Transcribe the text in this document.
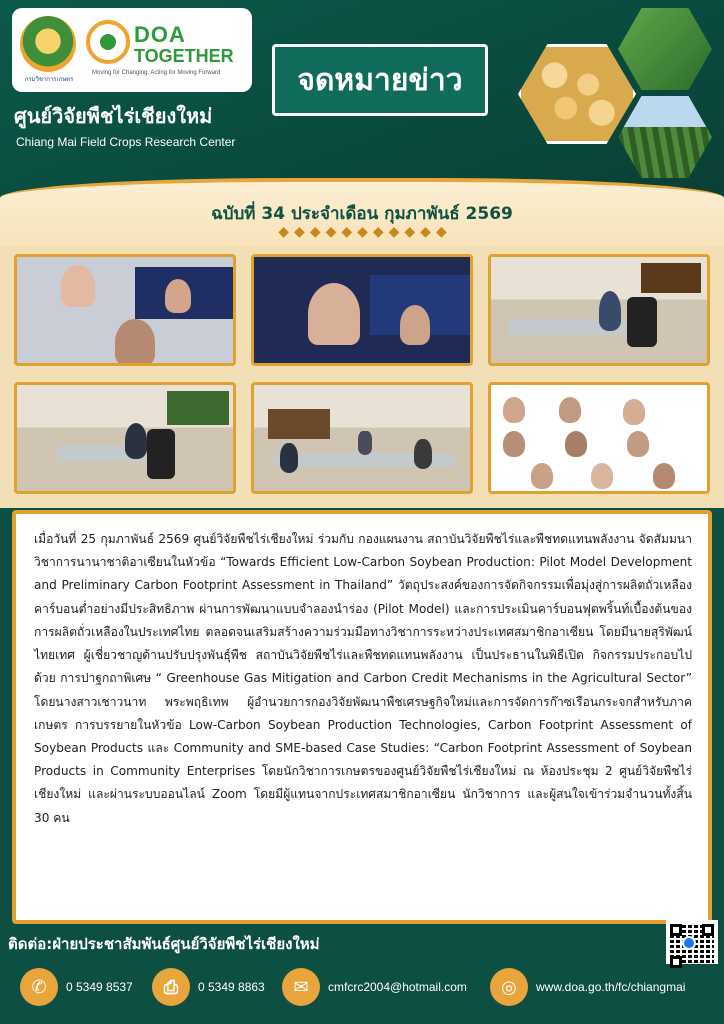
กรมวิชาการเกษตร
DOA
TOGETHER
Moving for Changing, Acting for Moving Forward
ศูนย์วิจัยพืชไร่เชียงใหม่
Chiang Mai Field Crops Research Center
จดหมายข่าว
ฉบับที่ 34 ประจำเดือน กุมภาพันธ์ 2569
◆◆◆◆◆◆◆◆◆◆◆

เมื่อวันที่ 25 กุมภาพันธ์ 2569 ศูนย์วิจัยพืชไร่เชียงใหม่ ร่วมกับ กองแผนงาน สถาบันวิจัยพืชไร่และพืชทดแทนพลังงาน จัดสัมมนาวิชาการนานาชาติอาเซียนในหัวข้อ “Towards Efficient Low-Carbon Soybean Production: Pilot Model Development and Preliminary Carbon Footprint Assessment in Thailand” วัตถุประสงค์ของการจัดกิจกรรมเพื่อมุ่งสู่การผลิตถั่วเหลืองคาร์บอนต่ำอย่างมีประสิทธิภาพ ผ่านการพัฒนาแบบจำลองนำร่อง (Pilot Model) และการประเมินคาร์บอนฟุตพริ้นท์เบื้องต้นของการผลิตถั่วเหลืองในประเทศไทย ตลอดจนเสริมสร้างความร่วมมือทางวิชาการระหว่างประเทศสมาชิกอาเซียน โดยมีนายสุริพัฒน์ ไทยเทศ ผู้เชี่ยวชาญด้านปรับปรุงพันธุ์พืช สถาบันวิจัยพืชไร่และพืชทดแทนพลังงาน เป็นประธานในพิธีเปิด กิจกรรมประกอบไปด้วย การปาฐกถาพิเศษ “ Greenhouse Gas Mitigation and Carbon Credit Mechanisms in the Agricultural Sector” โดยนางสาวเชาวนาท พระพฤธิเทพ ผู้อำนวยการกองวิจัยพัฒนาพืชเศรษฐกิจใหม่และการจัดการก๊าซเรือนกระจกสำหรับภาคเกษตร การบรรยายในหัวข้อ Low-Carbon Soybean Production Technologies, Carbon Footprint Assessment of Soybean Products และ Community and SME-based Case Studies: “Carbon Footprint Assessment of Soybean Products in Community Enterprises โดยนักวิชาการเกษตรของศูนย์วิจัยพืชไร่เชียงใหม่ ณ ห้องประชุม 2 ศูนย์วิจัยพืชไร่เชียงใหม่ และผ่านระบบออนไลน์ Zoom โดยมีผู้แทนจากประเทศสมาชิกอาเซียน นักวิชาการ และผู้สนใจเข้าร่วมจำนวนทั้งสิ้น 30 คน

ติดต่อ:ฝ่ายประชาสัมพันธ์ศูนย์วิจัยพืชไร่เชียงใหม่
✆	0 5349 8537	⎙	0 5349 8863	✉	cmfcrc2004@hotmail.com	◎	www.doa.go.th/fc/chiangmai
